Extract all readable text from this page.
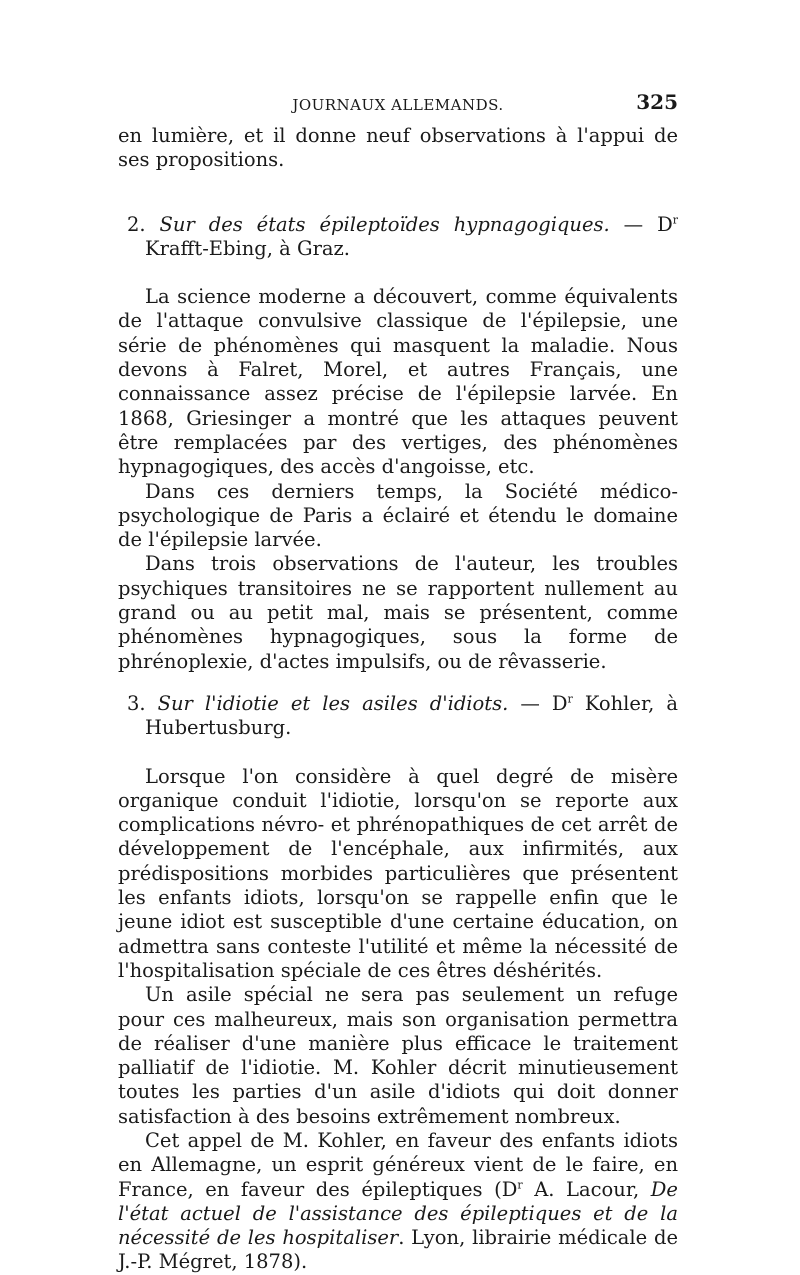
JOURNAUX ALLEMANDS.	325

en lumière, et il donne neuf observations à l'appui de ses propositions.

2. Sur des états épileptoïdes hypnagogiques. — $D^r$ Krafft-Ebing, à Graz.

La science moderne a découvert, comme équivalents de l'attaque convulsive classique de l'épilepsie, une série de phénomènes qui masquent la maladie. Nous devons à Falret, Morel, et autres Français, une connaissance assez précise de l'épilepsie larvée. En 1868, Griesinger a montré que les attaques peuvent être remplacées par des vertiges, des phénomènes hypnagogiques, des accès d'angoisse, etc.

Dans ces derniers temps, la Société médico-psychologique de Paris a éclairé et étendu le domaine de l'épilepsie larvée.

Dans trois observations de l'auteur, les troubles psychiques transitoires ne se rapportent nullement au grand ou au petit mal, mais se présentent, comme phénomènes hypnagogiques, sous la forme de phrénoplexie, d'actes impulsifs, ou de rêvasserie.

3. Sur l'idiotie et les asiles d'idiots. — $D^r$ Kohler, à Hubertusburg.

Lorsque l'on considère à quel degré de misère organique conduit l'idiotie, lorsqu'on se reporte aux complications névro- et phrénopathiques de cet arrêt de développement de l'encéphale, aux infirmités, aux prédispositions morbides particulières que présentent les enfants idiots, lorsqu'on se rappelle enfin que le jeune idiot est susceptible d'une certaine éducation, on admettra sans conteste l'utilité et même la nécessité de l'hospitalisation spéciale de ces êtres déshérités.

Un asile spécial ne sera pas seulement un refuge pour ces malheureux, mais son organisation permettra de réaliser d'une manière plus efficace le traitement palliatif de l'idiotie. M. Kohler décrit minutieusement toutes les parties d'un asile d'idiots qui doit donner satisfaction à des besoins extrêmement nombreux.

Cet appel de M. Kohler, en faveur des enfants idiots en Allemagne, un esprit généreux vient de le faire, en France, en faveur des épileptiques ($D^r$ A. Lacour, De l'état actuel de l'assistance des épileptiques et de la nécessité de les hospitaliser. Lyon, librairie médicale de J.-P. Mégret, 1878).
